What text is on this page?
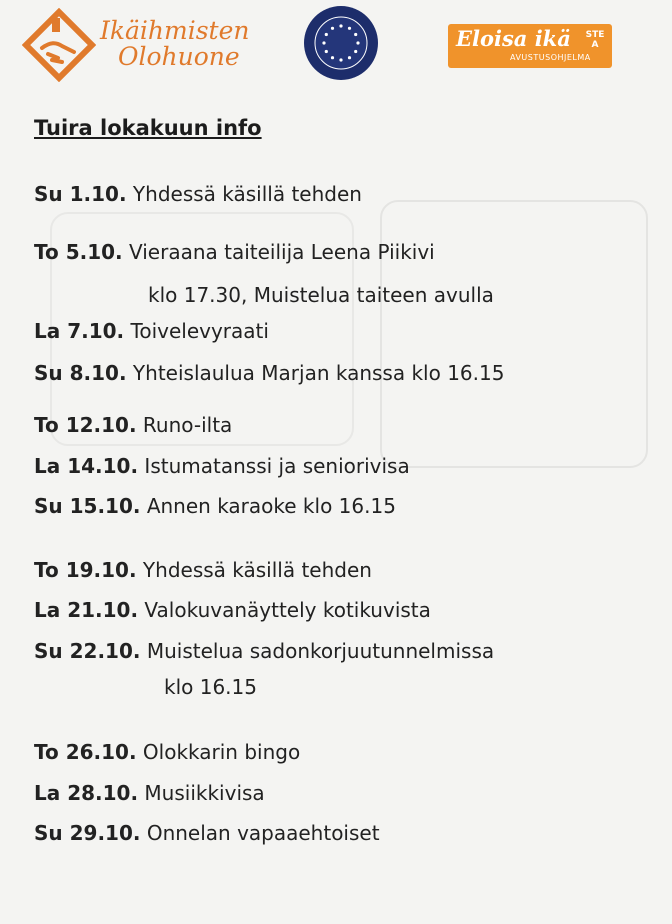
Ikäihmisten
Olohuone
Eloisa ikä
AVUSTUSOHJELMA
STEA
Tuira lokakuun info
Su 1.10. Yhdessä käsillä tehden
To 5.10. Vieraana taiteilija Leena Piikivi
klo 17.30, Muistelua taiteen avulla
La 7.10. Toivelevyraati
Su 8.10. Yhteislaulua Marjan kanssa klo 16.15
To 12.10. Runo-ilta
La 14.10. Istumatanssi ja seniorivisa
Su 15.10. Annen karaoke klo 16.15
To 19.10. Yhdessä käsillä tehden
La 21.10. Valokuvanäyttely kotikuvista
Su 22.10. Muistelua sadonkorjuutunnelmissa
klo 16.15
To 26.10. Olokkarin bingo
La 28.10. Musiikkivisa
Su 29.10. Onnelan vapaaehtoiset
